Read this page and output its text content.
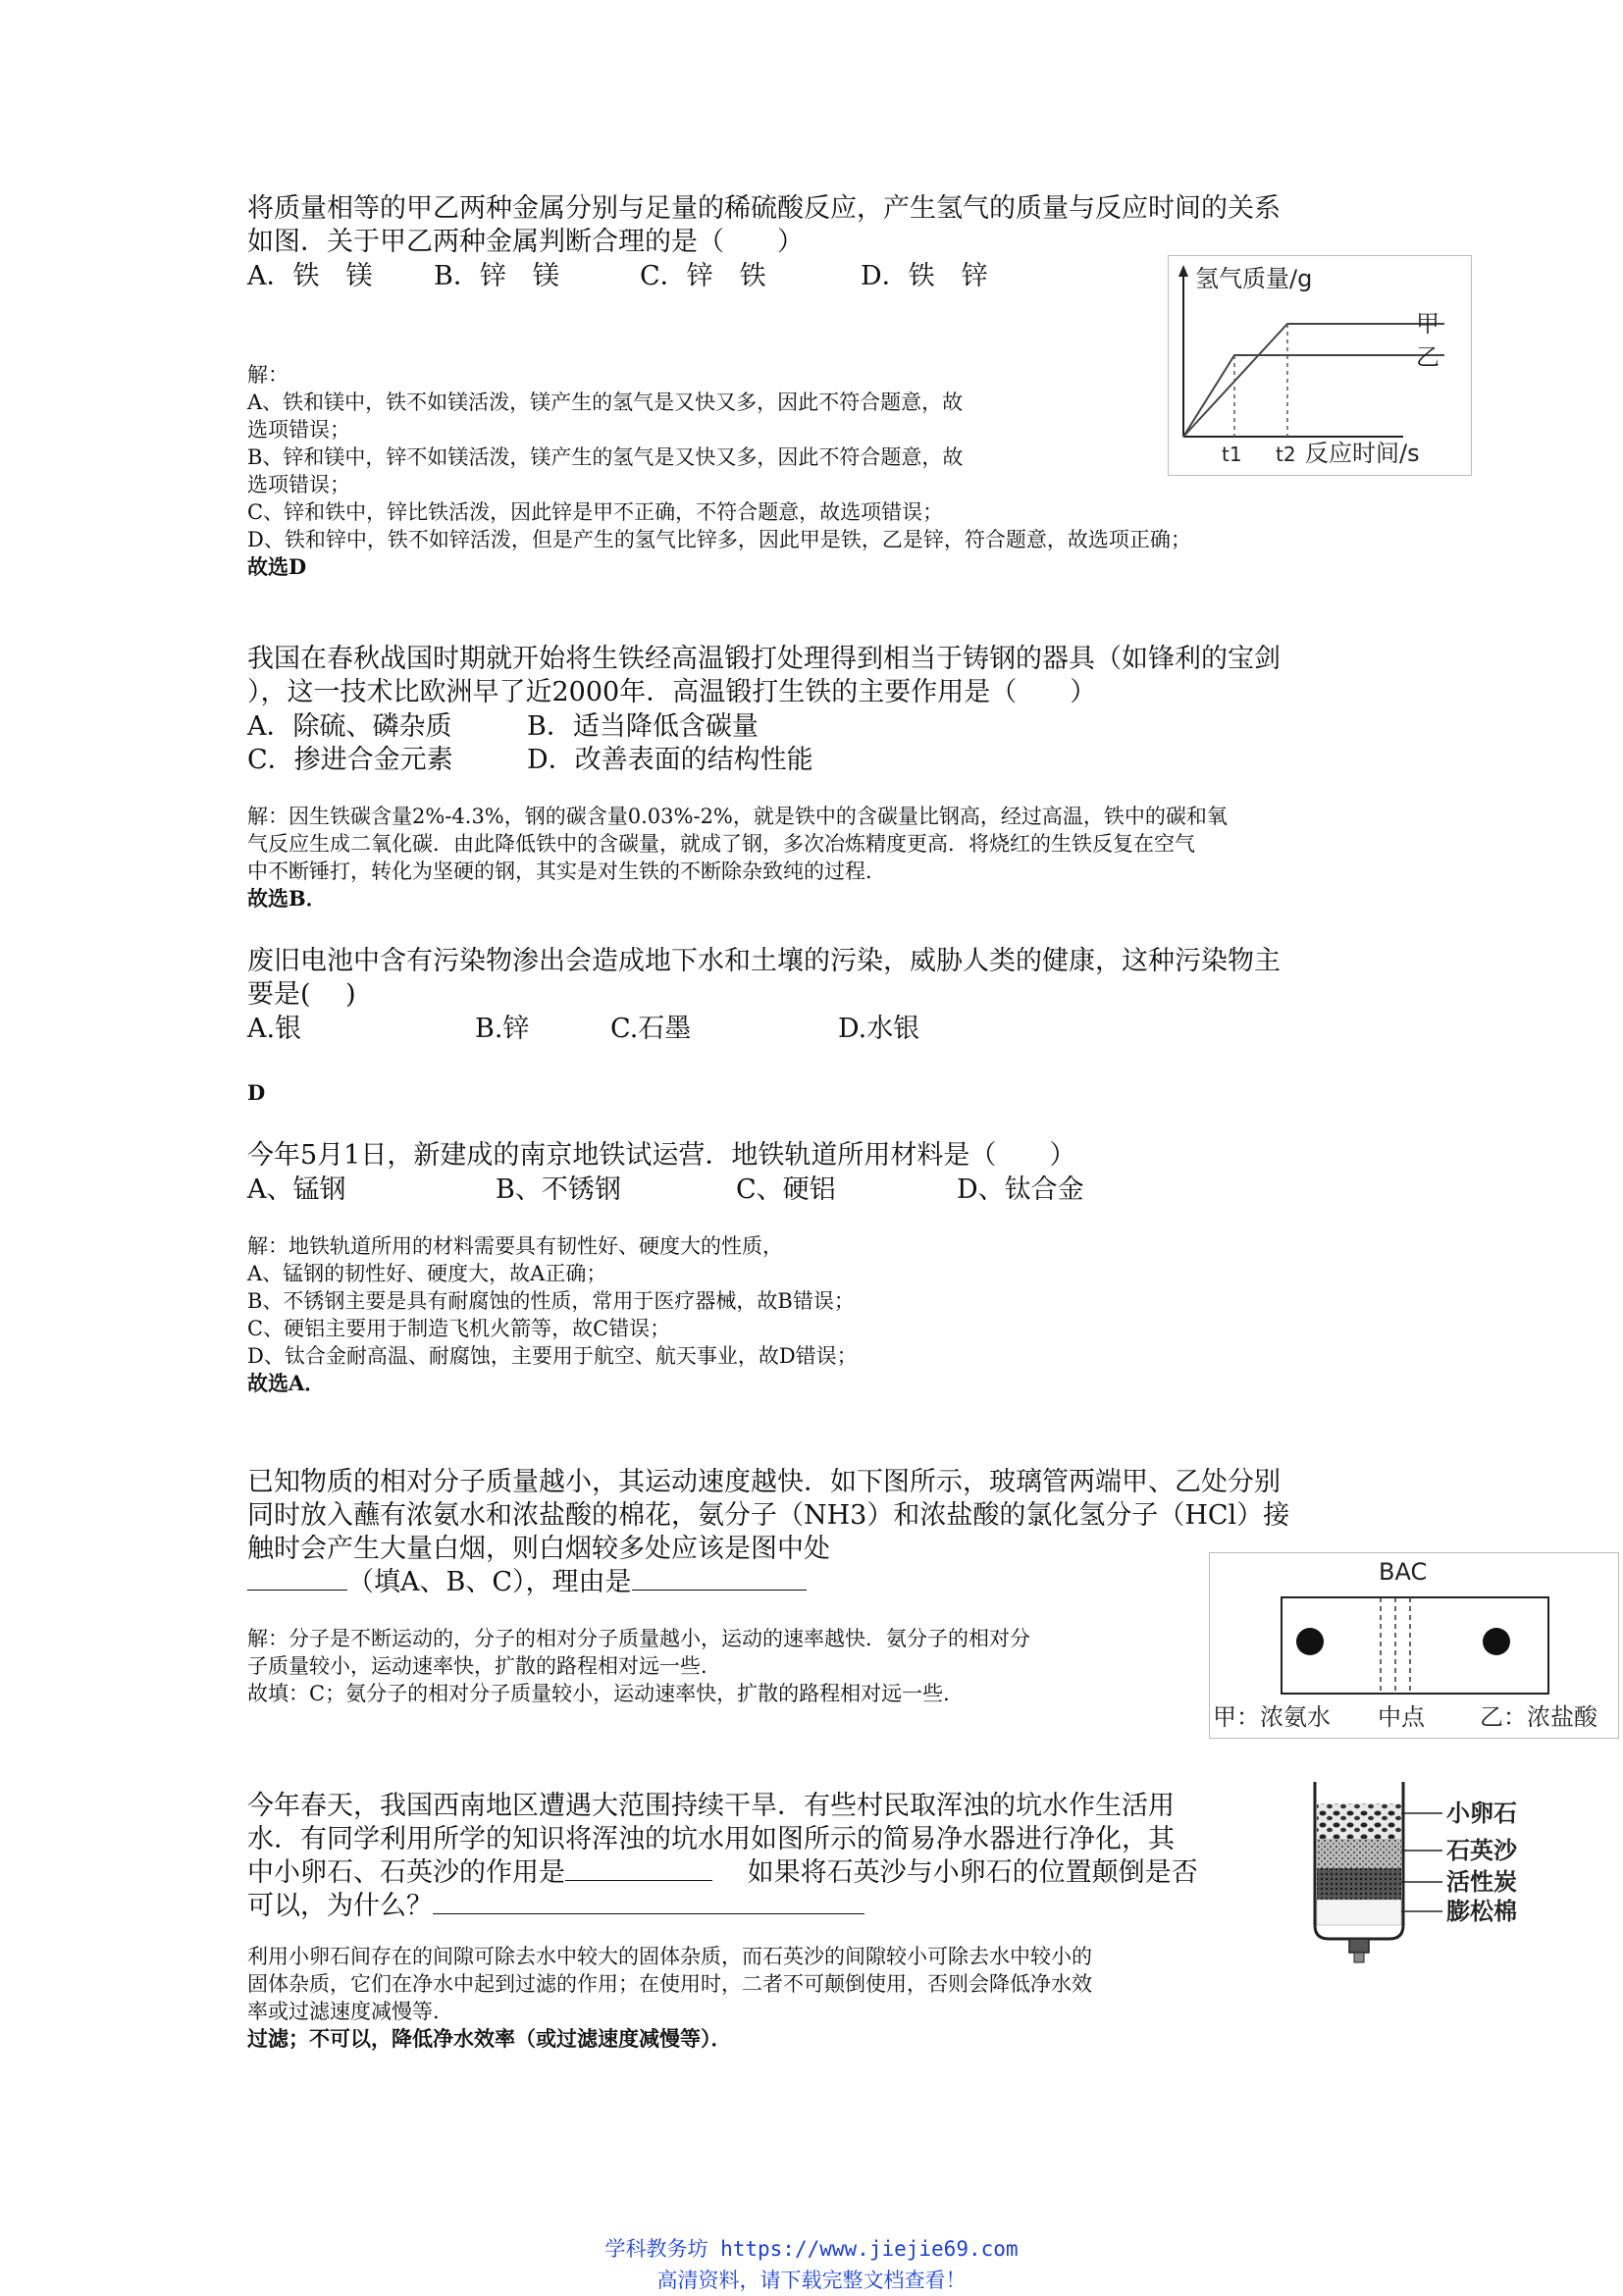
将质量相等的甲乙两种金属分别与足量的稀硫酸反应，产生氢气的质量与反应时间的关系
如图．关于甲乙两种金属判断合理的是（　　）
A．铁　镁 B．锌　镁	C．锌　铁	D．铁　锌
解：
A、铁和镁中，铁不如镁活泼，镁产生的氢气是又快又多，因此不符合题意，故
选项错误；
B、锌和镁中，锌不如镁活泼，镁产生的氢气是又快又多，因此不符合题意，故
选项错误；
C、锌和铁中，锌比铁活泼，因此锌是甲不正确，不符合题意，故选项错误；
D、铁和锌中，铁不如锌活泼，但是产生的氢气比锌多，因此甲是铁，乙是锌，符合题意，故选项正确；
故选D
氢气质量/g
甲
乙
t1 t2 反应时间/s
我国在春秋战国时期就开始将生铁经高温锻打处理得到相当于铸钢的器具（如锋利的宝剑
），这一技术比欧洲早了近2000年．高温锻打生铁的主要作用是（　　）
A．除硫、磷杂质	B．适当降低含碳量
C．掺进合金元素	D．改善表面的结构性能
解：因生铁碳含量2%-4.3%，钢的碳含量0.03%-2%，就是铁中的含碳量比钢高，经过高温，铁中的碳和氧
气反应生成二氧化碳．由此降低铁中的含碳量，就成了钢，多次冶炼精度更高．将烧红的生铁反复在空气
中不断锤打，转化为坚硬的钢，其实是对生铁的不断除杂致纯的过程．
故选B．
废旧电池中含有污染物渗出会造成地下水和土壤的污染，威胁人类的健康，这种污染物主
要是(　 )
A.银	B.锌	C.石墨	D.水银
D
今年5月1日，新建成的南京地铁试运营．地铁轨道所用材料是（　　）
A、锰钢	B、不锈钢	C、硬铝	D、钛合金
解：地铁轨道所用的材料需要具有韧性好、硬度大的性质，
A、锰钢的韧性好、硬度大，故A正确；
B、不锈钢主要是具有耐腐蚀的性质，常用于医疗器械，故B错误；
C、硬铝主要用于制造飞机火箭等，故C错误；
D、钛合金耐高温、耐腐蚀，主要用于航空、航天事业，故D错误；
故选A．
已知物质的相对分子质量越小，其运动速度越快．如下图所示，玻璃管两端甲、乙处分别
同时放入蘸有浓氨水和浓盐酸的棉花，氨分子（NH3）和浓盐酸的氯化氢分子（HCl）接
触时会产生大量白烟，则白烟较多处应该是图中处
（填A、B、C），理由是
解：分子是不断运动的，分子的相对分子质量越小，运动的速率越快．氨分子的相对分
子质量较小，运动速率快，扩散的路程相对远一些．
故填：C；氨分子的相对分子质量较小，运动速率快，扩散的路程相对远一些．
BAC
甲：浓氨水 中点 乙：浓盐酸
今年春天，我国西南地区遭遇大范围持续干旱．有些村民取浑浊的坑水作生活用
水．有同学利用所学的知识将浑浊的坑水用如图所示的简易净水器进行净化，其
中小卵石、石英沙的作用是　	如果将石英沙与小卵石的位置颠倒是否
可以，为什么？
利用小卵石间存在的间隙可除去水中较大的固体杂质，而石英沙的间隙较小可除去水中较小的
固体杂质，它们在净水中起到过滤的作用；在使用时，二者不可颠倒使用，否则会降低净水效
率或过滤速度减慢等．
过滤；不可以，降低净水效率（或过滤速度减慢等）．
小卵石
石英沙
活性炭
膨松棉
学科教务坊 https://www.jiejie69.com
高清资料，请下载完整文档查看！
